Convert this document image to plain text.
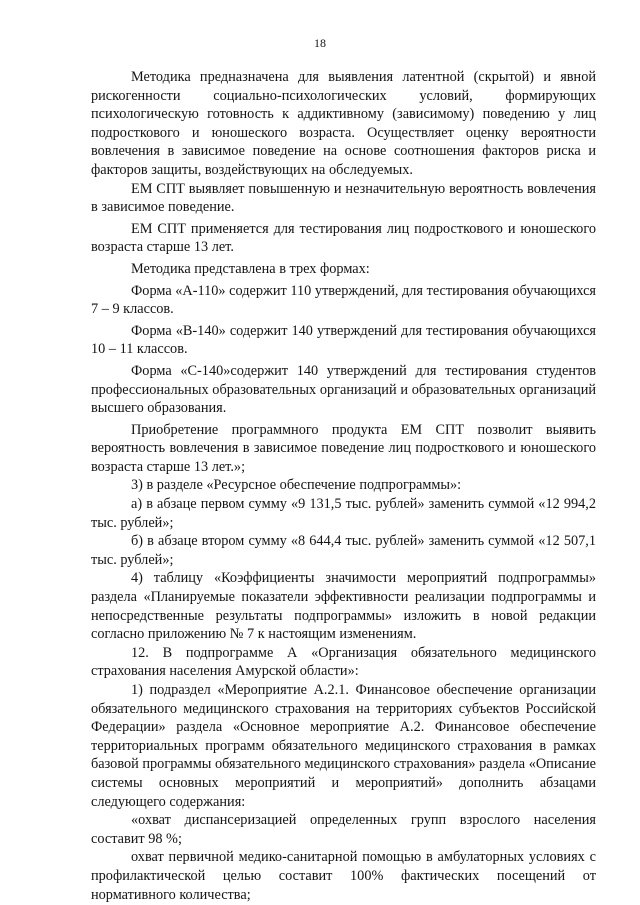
18

Методика предназначена для выявления латентной (скрытой) и явной рискогенности социально-психологических условий, формирующих психологическую готовность к аддиктивному (зависимому) поведению у лиц подросткового и юношеского возраста. Осуществляет оценку вероятности вовлечения в зависимое поведение на основе соотношения факторов риска и факторов защиты, воздействующих на обследуемых.

ЕМ СПТ выявляет повышенную и незначительную вероятность вовлечения в зависимое поведение.

ЕМ СПТ применяется для тестирования лиц подросткового и юношеского возраста старше 13 лет.

Методика представлена в трех формах:

Форма «А-110» содержит 110 утверждений, для тестирования обучающихся 7 – 9 классов.

Форма «В-140» содержит 140 утверждений для тестирования обучающихся 10 – 11 классов.

Форма «С-140»содержит 140 утверждений для тестирования студентов профессиональных образовательных организаций и образовательных организаций высшего образования.

Приобретение программного продукта ЕМ СПТ позволит выявить вероятность вовлечения в зависимое поведение лиц подросткового и юношеского возраста старше 13 лет.»;

3) в разделе «Ресурсное обеспечение подпрограммы»:

а) в абзаце первом сумму «9 131,5 тыс. рублей» заменить суммой «12 994,2 тыс. рублей»;

б) в абзаце втором сумму «8 644,4 тыс. рублей» заменить суммой «12 507,1 тыс. рублей»;

4) таблицу «Коэффициенты значимости мероприятий подпрограммы» раздела «Планируемые показатели эффективности реализации подпрограммы и непосредственные результаты подпрограммы» изложить в новой редакции согласно приложению № 7 к настоящим изменениям.

12. В подпрограмме А «Организация обязательного медицинского страхования населения Амурской области»:

1) подраздел «Мероприятие А.2.1. Финансовое обеспечение организации обязательного медицинского страхования на территориях субъектов Российской Федерации» раздела «Основное мероприятие А.2. Финансовое обеспечение территориальных программ обязательного медицинского страхования в рамках базовой программы обязательного медицинского страхования» раздела «Описание системы основных мероприятий и мероприятий» дополнить абзацами следующего содержания:

«охват диспансеризацией определенных групп взрослого населения составит 98 %;

охват первичной медико-санитарной помощью в амбулаторных условиях с профилактической целью составит 100% фактических посещений от нормативного количества;
